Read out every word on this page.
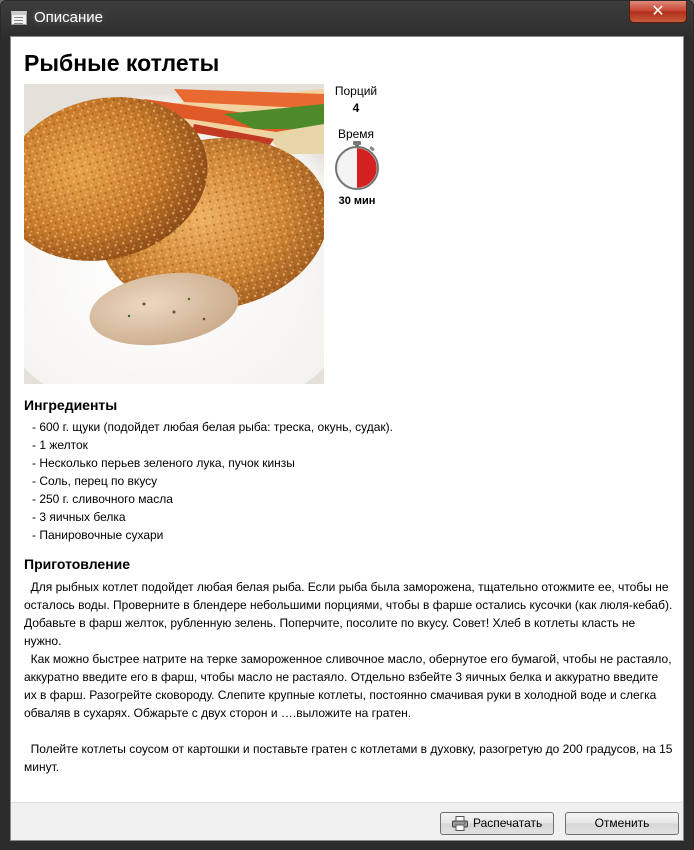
Описание	✕
Рыбные котлеты
Порций
4
Время
30 мин
Ингредиенты
- 600 г. щуки (подойдет любая белая рыба: треска, окунь, судак).
- 1 желток
- Несколько перьев зеленого лука, пучок кинзы
- Соль, перец по вкусу
- 250 г. сливочного масла
- 3 яичных белка
- Панировочные сухари
Приготовление

Для рыбных котлет подойдет любая белая рыба. Если рыба была заморожена, тщательно отожмите ее, чтобы не осталось воды. Проверните в блендере небольшими порциями, чтобы в фарше остались кусочки (как люля-кебаб). Добавьте в фарш желток, рубленную зелень. Поперчите, посолите по вкусу. Совет! Хлеб в котлеты класть не нужно.

Как можно быстрее натрите на терке замороженное сливочное масло, обернутое его бумагой, чтобы не растаяло, аккуратно введите его в фарш, чтобы масло не растаяло. Отдельно взбейте 3 яичных белка и аккуратно введите их в фарш. Разогрейте сковороду. Слепите крупные котлеты, постоянно смачивая руки в холодной воде и слегка обваляв в сухарях. Обжарьте с двух сторон и ….выложите на гратен.

Полейте котлеты соусом от картошки и поставьте гратен с котлетами в духовку, разогретую до 200 градусов, на 15 минут.

Распечатать	Отменить
